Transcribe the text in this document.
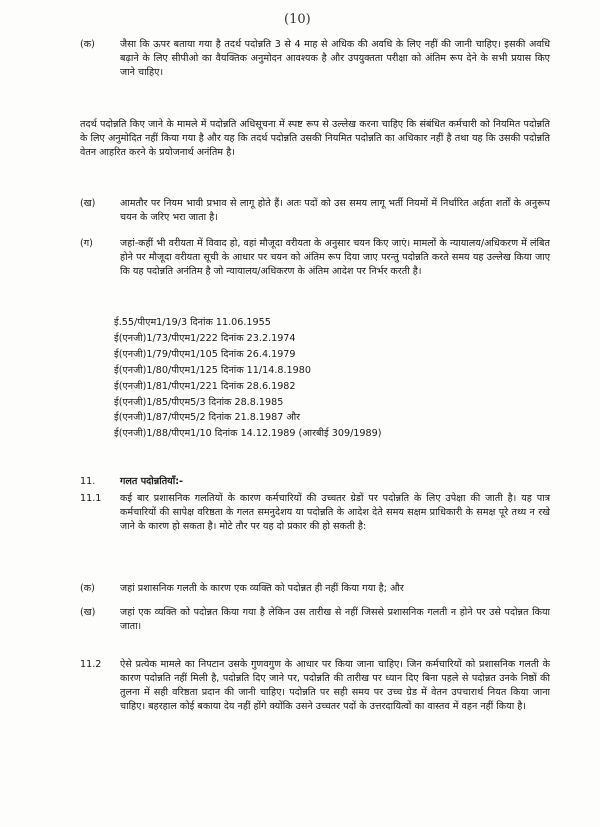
(10)
(क)	जैसा कि ऊपर बताया गया है तदर्थ पदोन्नति 3 से 4 माह से अधिक की अवधि के लिए नहीं की जानी चाहिए। इसकी अवधि बढ़ाने के लिए सीपीओ का वैयक्तिक अनुमोदन आवश्यक है और उपयुक्तता परीक्षा को अंतिम रूप देने के सभी प्रयास किए जाने चाहिए।
तदर्थ पदोन्नति किए जाने के मामले में पदोन्नति अधिसूचना में स्पष्ट रूप से उल्लेख करना चाहिए कि संबंधित कर्मचारी को नियमित पदोन्नति के लिए अनुमोदित नहीं किया गया है और यह कि तदर्थ पदोन्नति उसकी नियमित पदोन्नति का अधिकार नहीं है तथा यह कि उसकी पदोन्नति वेतन आहरित करने के प्रयोजनार्थ अनंतिम है।
(ख)	आमतौर पर नियम भावी प्रभाव से लागू होते हैं। अतः पदों को उस समय लागू भर्ती नियमों में निर्धारित अर्हता शर्तों के अनुरूप चयन के जरिए भरा जाता है।
(ग)	जहां-कहीं भी वरीयता में विवाद हो, वहां मौजूदा वरीयता के अनुसार चयन किए जाएं। मामलों के न्यायालय/अधिकरण में लंबित होने पर मौजूदा वरीयता सूची के आधार पर चयन को अंतिम रूप दिया जाए परन्तु पदोन्नति करते समय यह उल्लेख किया जाए कि यह पदोन्नति अनंतिम है जो न्यायालय/अधिकरण के अंतिम आदेश पर निर्भर करती है।
ई.55/पीएम1/19/3 दिनांक 11.06.1955
ई(एनजी)1/73/पीएम1/222 दिनांक 23.2.1974
ई(एनजी)1/79/पीएम1/105 दिनांक 26.4.1979
ई(एनजी)1/80/पीएम1/125 दिनांक 11/14.8.1980
ई(एनजी)1/81/पीएम1/221 दिनांक 28.6.1982
ई(एनजी)1/85/पीएम5/3 दिनांक 28.8.1985
ई(एनजी)1/87/पीएम5/2 दिनांक 21.8.1987 और
ई(एनजी)1/88/पीएम1/10 दिनांक 14.12.1989 (आरबीई 309/1989)
11.	गलत पदोन्नतियाँ:-
11.1	कई बार प्रशासनिक गलतियों के कारण कर्मचारियों की उच्चतर ग्रेडों पर पदोन्नति के लिए उपेक्षा की जाती है। यह पात्र कर्मचारियों की सापेक्ष वरिष्ठता के गलत समनुदेशय या पदोन्नति के आदेश देते समय सक्षम प्राधिकारी के समक्ष पूरे तथ्य न रखे जाने के कारण हो सकता है। मोटे तौर पर यह दो प्रकार की हो सकती है:
(क)	जहां प्रशासनिक गलती के कारण एक व्यक्ति को पदोन्नत ही नहीं किया गया है; और
(ख)	जहां एक व्यक्ति को पदोन्नत किया गया है लेकिन उस तारीख से नहीं जिससे प्रशासनिक गलती न होने पर उसे पदोन्नत किया जाता।
11.2	ऐसे प्रत्येक मामले का निपटान उसके गुणवगुण के आधार पर किया जाना चाहिए। जिन कर्मचारियों को प्रशासनिक गलती के कारण पदोन्नति नहीं मिली है, पदोन्नति दिए जाने पर, पदोन्नति की तारीख पर ध्यान दिए बिना पहले से पदोन्नत उनके निष्ठों की तुलना में सही वरिष्ठता प्रदान की जानी चाहिए। पदोन्नति पर सही समय पर उच्च ग्रेड में वेतन उपचारार्थ नियत किया जाना चाहिए। बहरहाल कोई बकाया देय नहीं होंगे क्योंकि उसने उच्चतर पदों के उत्तरदायित्वों का वास्तव में वहन नहीं किया है।
